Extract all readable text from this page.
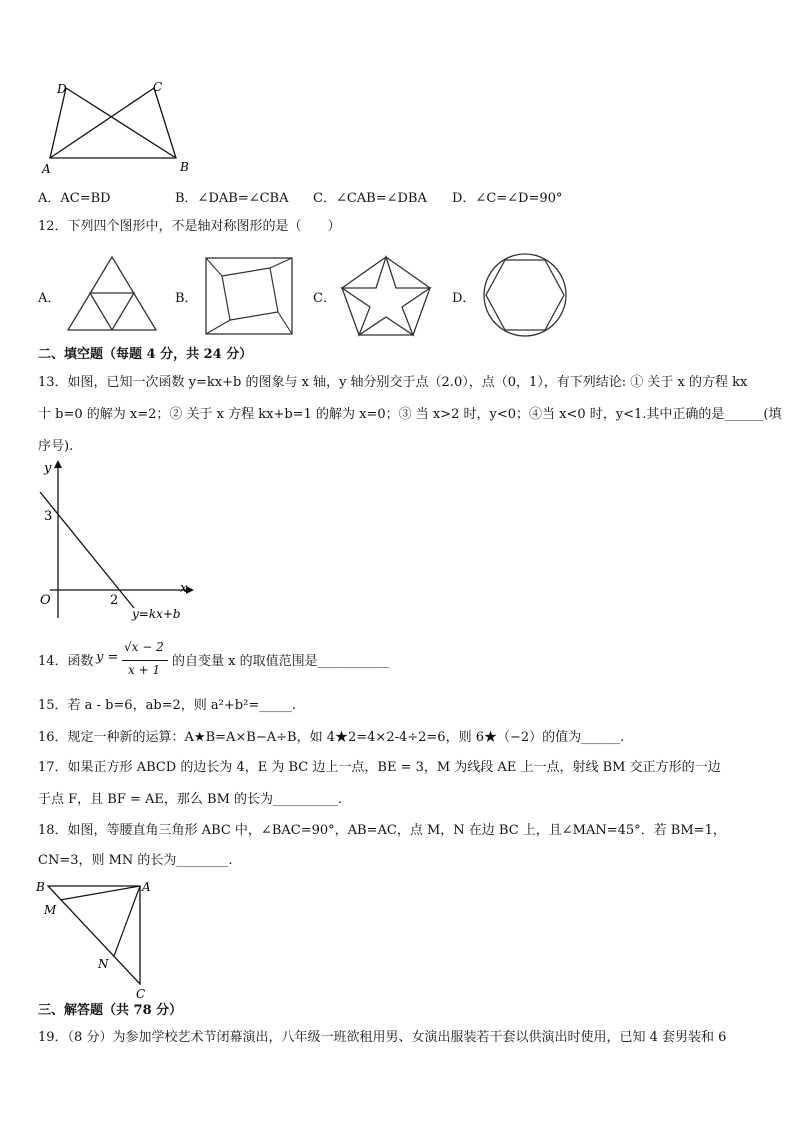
D	C
A	B
A．AC=BD	B．∠DAB=∠CBA C．∠CAB=∠DBA D．∠C=∠D=90°
12．下列四个图形中，不是轴对称图形的是（　　）
A．	B．	C．	D．
二、填空题（每题 4 分，共 24 分）
13．如图，已知一次函数 y=kx+b 的图象与 x 轴，y 轴分别交于点（2.0），点（0，1），有下列结论: ① 关于 x 的方程 kx
十 b=0 的解为 x=2；② 关于 x 方程 kx+b=1 的解为 x=0；③ 当 x>2 时，y<0；④当 x<0 时，y<1.其中正确的是______(填
序号).
y
x
O
3
2
y=kx+b
14．函数 y =
√x − 2
x + 1
的自变量 x 的取值范围是___________
15．若 a - b=6，ab=2，则 a²+b²=_____.
16．规定一种新的运算：A★B=A×B−A÷B，如 4★2=4×2-4÷2=6，则 6★（−2）的值为______.
17．如果正方形 ABCD 的边长为 4，E 为 BC 边上一点，BE = 3，M 为线段 AE 上一点，射线 BM 交正方形的一边
于点 F，且 BF = AE，那么 BM 的长为__________.
18．如图，等腰直角三角形 ABC 中，∠BAC=90°，AB=AC，点 M，N 在边 BC 上，且∠MAN=45°．若 BM=1，
CN=3，则 MN 的长为________.
B	A
M
N
C
三、解答题（共 78 分）
19．（8 分）为参加学校艺术节闭幕演出，八年级一班欲租用男、女演出服装若干套以供演出时使用，已知 4 套男装和 6
